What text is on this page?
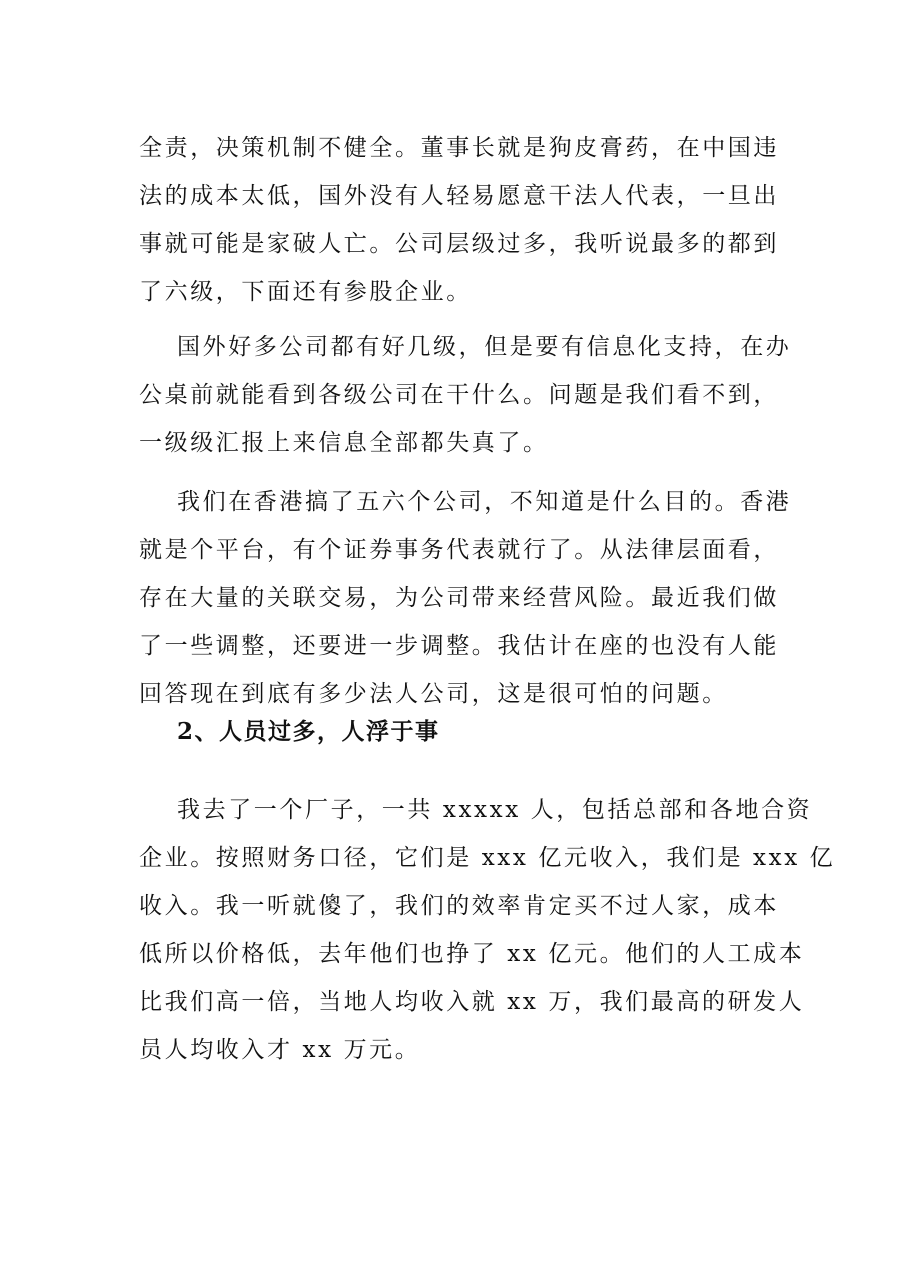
全责，决策机制不健全。董事长就是狗皮膏药，在中国违
法的成本太低，国外没有人轻易愿意干法人代表，一旦出
事就可能是家破人亡。公司层级过多，我听说最多的都到
了六级，下面还有参股企业。
国外好多公司都有好几级，但是要有信息化支持，在办
公桌前就能看到各级公司在干什么。问题是我们看不到，
一级级汇报上来信息全部都失真了。
我们在香港搞了五六个公司，不知道是什么目的。香港
就是个平台，有个证券事务代表就行了。从法律层面看，
存在大量的关联交易，为公司带来经营风险。最近我们做
了一些调整，还要进一步调整。我估计在座的也没有人能
回答现在到底有多少法人公司，这是很可怕的问题。
2、人员过多，人浮于事
我去了一个厂子，一共 xxxxx 人，包括总部和各地合资
企业。按照财务口径，它们是 xxx 亿元收入，我们是 xxx 亿
收入。我一听就傻了，我们的效率肯定买不过人家，成本
低所以价格低，去年他们也挣了 xx 亿元。他们的人工成本
比我们高一倍，当地人均收入就 xx 万，我们最高的研发人
员人均收入才 xx 万元。
